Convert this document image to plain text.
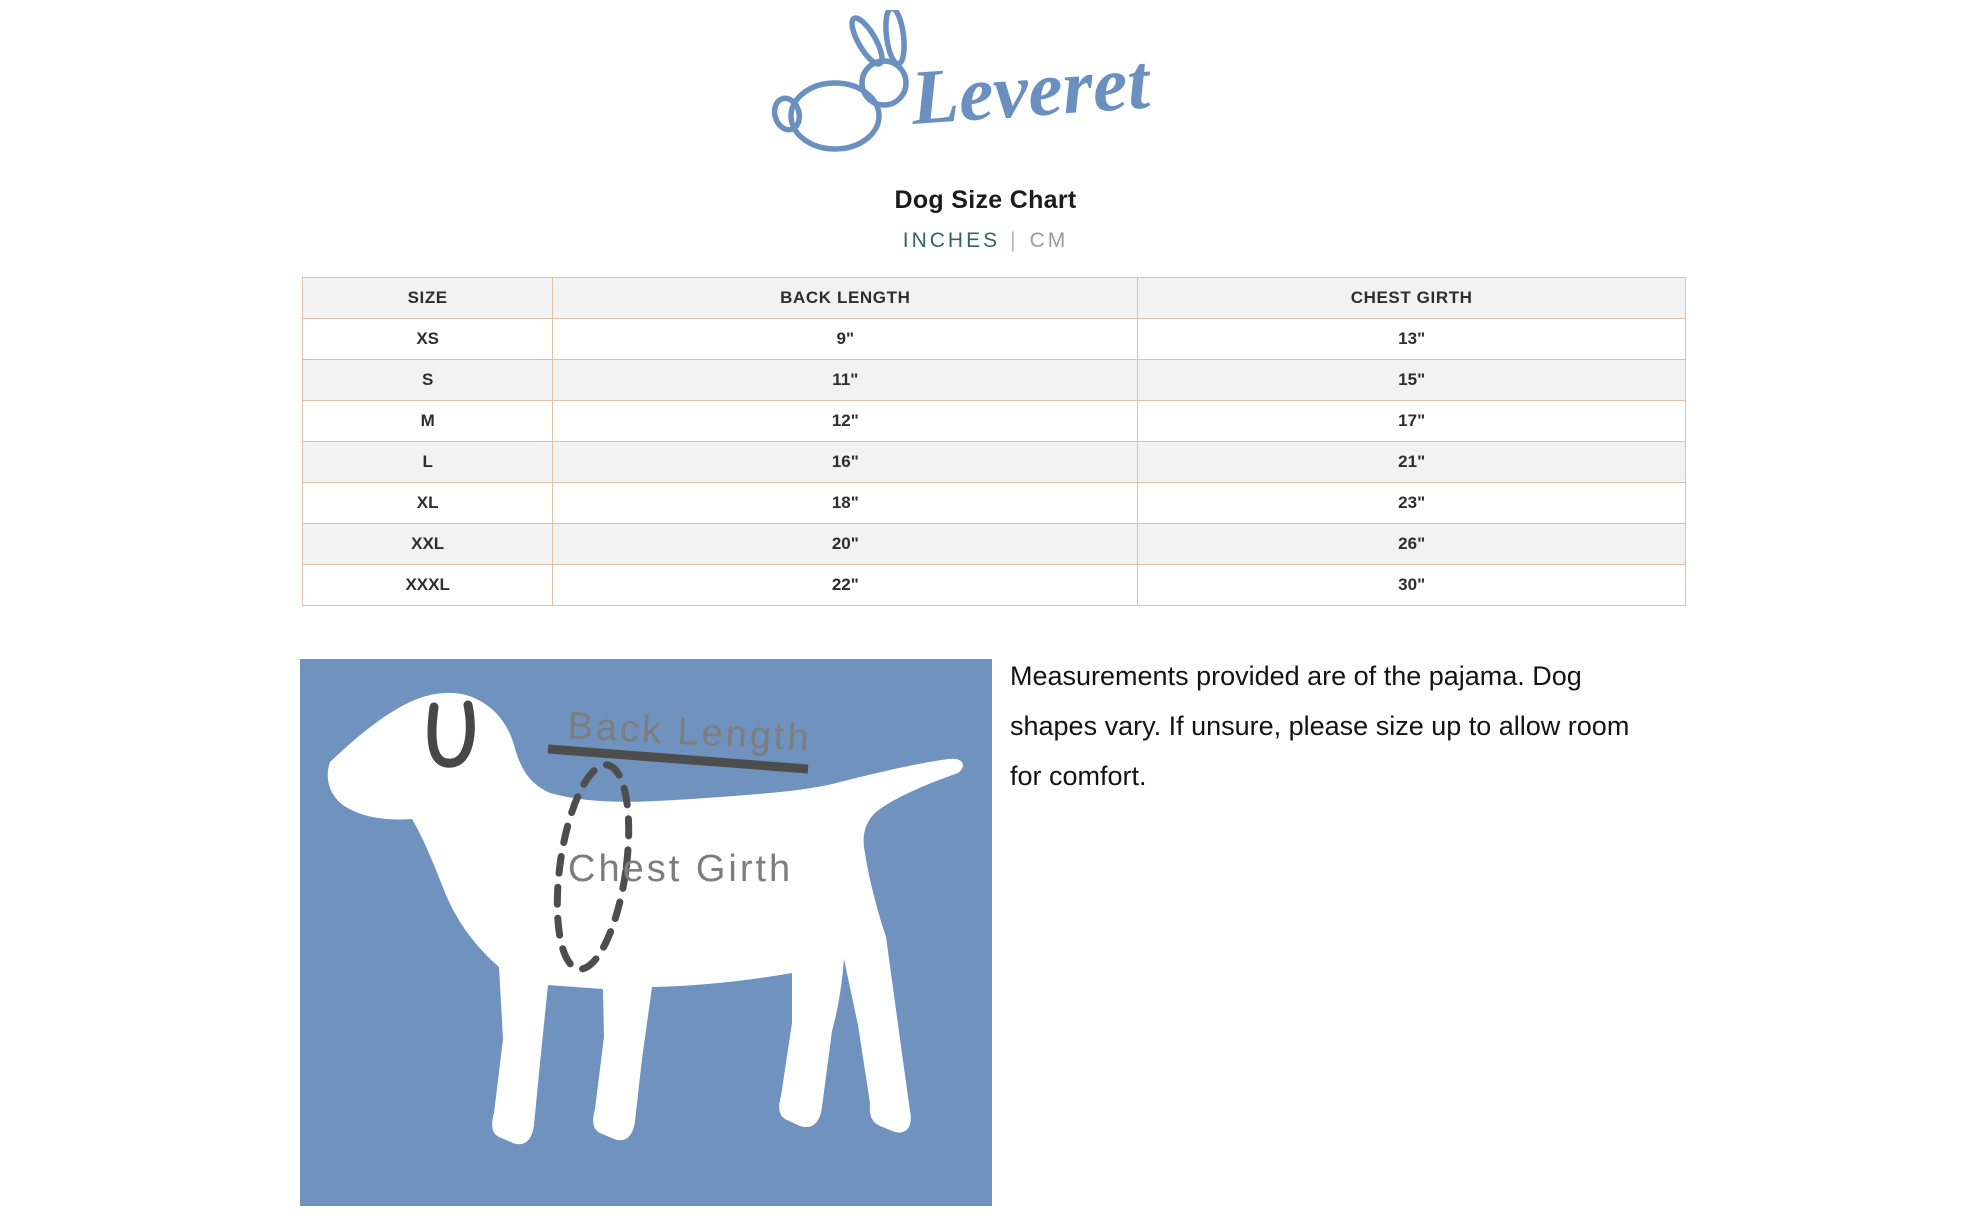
Leveret
Dog Size Chart
INCHES | CM
SIZE	BACK LENGTH	CHEST GIRTH
XS	9"	13"
S	11"	15"
M	12"	17"
L	16"	21"
XL	18"	23"
XXL	20"	26"
XXXL	22"	30"
Back Length
Chest Girth
Measurements provided are of the pajama. Dog
shapes vary. If unsure, please size up to allow room
for comfort.
